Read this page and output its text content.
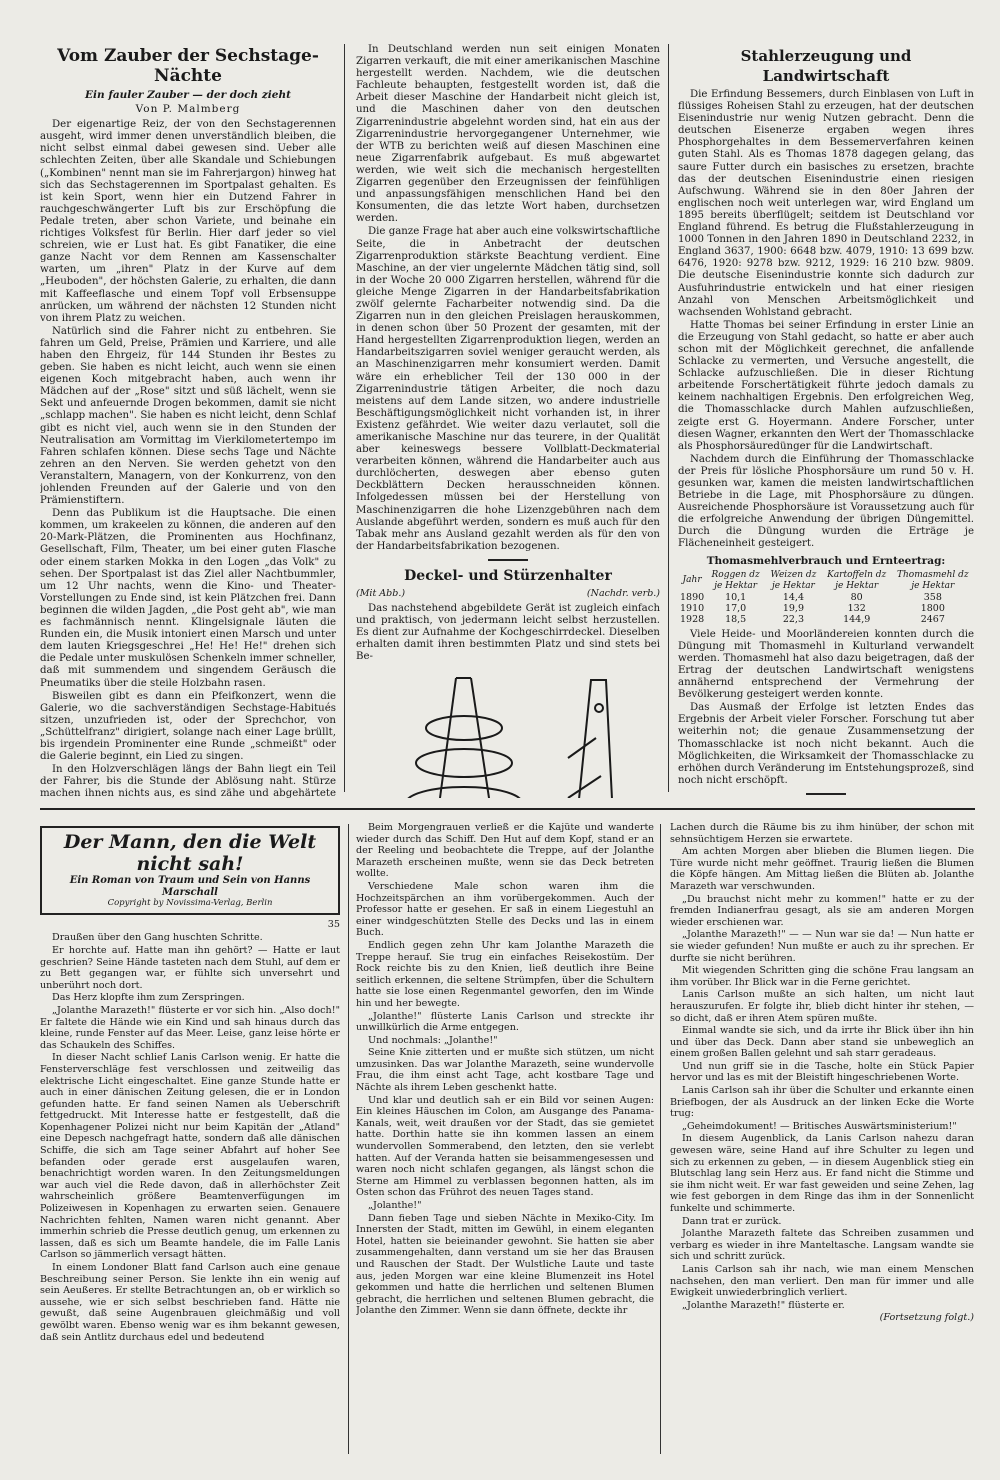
Vom Zauber der Sechstage-Nächte
Ein fauler Zauber — der doch zieht
Von P. Malmberg

Der eigenartige Reiz, der von den Sechstagerennen ausgeht, wird immer denen unverständlich bleiben, die nicht selbst einmal dabei gewesen sind. Ueber alle schlechten Zeiten, über alle Skandale und Schiebungen („Kombinen" nennt man sie im Fahrerjargon) hinweg hat sich das Sechstagerennen im Sportpalast gehalten. Es ist kein Sport, wenn hier ein Dutzend Fahrer in rauchgeschwängerter Luft bis zur Erschöpfung die Pedale treten, aber schon Variete, und beinahe ein richtiges Volksfest für Berlin. Hier darf jeder so viel schreien, wie er Lust hat. Es gibt Fanatiker, die eine ganze Nacht vor dem Rennen am Kassenschalter warten, um „ihren" Platz in der Kurve auf dem „Heuboden", der höchsten Galerie, zu erhalten, die dann mit Kaffeeflasche und einem Topf voll Erbsensuppe anrücken, um während der nächsten 12 Stunden nicht von ihrem Platz zu weichen.

Natürlich sind die Fahrer nicht zu entbehren. Sie fahren um Geld, Preise, Prämien und Karriere, und alle haben den Ehrgeiz, für 144 Stunden ihr Bestes zu geben. Sie haben es nicht leicht, auch wenn sie einen eigenen Koch mitgebracht haben, auch wenn ihr Mädchen auf der „Rose" sitzt und süß lächelt, wenn sie Sekt und anfeuernde Drogen bekommen, damit sie nicht „schlapp machen". Sie haben es nicht leicht, denn Schlaf gibt es nicht viel, auch wenn sie in den Stunden der Neutralisation am Vormittag im Vierkilometertempo im Fahren schlafen können. Diese sechs Tage und Nächte zehren an den Nerven. Sie werden gehetzt von den Veranstaltern, Managern, von der Konkurrenz, von den johlenden Freunden auf der Galerie und von den Prämienstiftern.

Denn das Publikum ist die Hauptsache. Die einen kommen, um krakeelen zu können, die anderen auf den 20-Mark-Plätzen, die Prominenten aus Hochfinanz, Gesellschaft, Film, Theater, um bei einer guten Flasche oder einem starken Mokka in den Logen „das Volk" zu sehen. Der Sportpalast ist das Ziel aller Nachtbummler, um 12 Uhr nachts, wenn die Kino- und Theater-Vorstellungen zu Ende sind, ist kein Plätzchen frei. Dann beginnen die wilden Jagden, „die Post geht ab", wie man es fachmännisch nennt. Klingelsignale läuten die Runden ein, die Musik intoniert einen Marsch und unter dem lauten Kriegsgeschrei „He! He! He!" drehen sich die Pedale unter muskulösen Schenkeln immer schneller, daß mit summendem und singendem Geräusch die Pneumatiks über die steile Holzbahn rasen.

Bisweilen gibt es dann ein Pfeifkonzert, wenn die Galerie, wo die sachverständigen Sechstage-Habitués sitzen, unzufrieden ist, oder der Sprechchor, von „Schüttelfranz" dirigiert, solange nach einer Lage brüllt, bis irgendein Prominenter eine Runde „schmeißt" oder die Galerie beginnt, ein Lied zu singen.

In den Holzverschlägen längs der Bahn liegt ein Teil der Fahrer, bis die Stunde der Ablösung naht. Stürze machen ihnen nichts aus, es sind zähe und abgehärtete

In Deutschland werden nun seit einigen Monaten Zigarren verkauft, die mit einer amerikanischen Maschine hergestellt werden. Nachdem, wie die deutschen Fachleute behaupten, festgestellt worden ist, daß die Arbeit dieser Maschine der Handarbeit nicht gleich ist, und die Maschinen daher von den deutschen Zigarrenindustrie abgelehnt worden sind, hat ein aus der Zigarrenindustrie hervorgegangener Unternehmer, wie der WTB zu berichten weiß auf diesen Maschinen eine neue Zigarrenfabrik aufgebaut. Es muß abgewartet werden, wie weit sich die mechanisch hergestellten Zigarren gegenüber den Erzeugnissen der feinfühligen und anpassungsfähigen menschlichen Hand bei den Konsumenten, die das letzte Wort haben, durchsetzen werden.

Die ganze Frage hat aber auch eine volkswirtschaftliche Seite, die in Anbetracht der deutschen Zigarrenproduktion stärkste Beachtung verdient. Eine Maschine, an der vier ungelernte Mädchen tätig sind, soll in der Woche 20 000 Zigarren herstellen, während für die gleiche Menge Zigarren in der Handarbeitsfabrikation zwölf gelernte Facharbeiter notwendig sind. Da die Zigarren nun in den gleichen Preislagen herauskommen, in denen schon über 50 Prozent der gesamten, mit der Hand hergestellten Zigarrenproduktion liegen, werden an Handarbeitszigarren soviel weniger geraucht werden, als an Maschinenzigarren mehr konsumiert werden. Damit wäre ein erheblicher Teil der 130 000 in der Zigarrenindustrie tätigen Arbeiter, die noch dazu meistens auf dem Lande sitzen, wo andere industrielle Beschäftigungsmöglichkeit nicht vorhanden ist, in ihrer Existenz gefährdet. Wie weiter dazu verlautet, soll die amerikanische Maschine nur das teurere, in der Qualität aber keineswegs bessere Vollblatt-Deckmaterial verarbeiten können, während die Handarbeiter auch aus durchlöcherten, deswegen aber ebenso guten Deckblättern Decken herausschneiden können. Infolgedessen müssen bei der Herstellung von Maschinenzigarren die hohe Lizenzgebühren nach dem Auslande abgeführt werden, sondern es muß auch für den Tabak mehr ans Ausland gezahlt werden als für den von der Handarbeitsfabrikation bezogenen.

Deckel- und Stürzenhalter
(Mit Abb.)	(Nachdr. verb.)

Das nachstehend abgebildete Gerät ist zugleich einfach und praktisch, von jedermann leicht selbst herzustellen. Es dient zur Aufnahme der Kochgeschirrdeckel. Dieselben erhalten damit ihren bestimmten Platz und sind stets bei Be-

Stahlerzeugung und Landwirtschaft

Die Erfindung Bessemers, durch Einblasen von Luft in flüssiges Roheisen Stahl zu erzeugen, hat der deutschen Eisenindustrie nur wenig Nutzen gebracht. Denn die deutschen Eisenerze ergaben wegen ihres Phosphorgehaltes in dem Bessemerverfahren keinen guten Stahl. Als es Thomas 1878 dagegen gelang, das saure Futter durch ein basisches zu ersetzen, brachte das der deutschen Eisenindustrie einen riesigen Aufschwung. Während sie in den 80er Jahren der englischen noch weit unterlegen war, wird England um 1895 bereits überflügelt; seitdem ist Deutschland vor England führend. Es betrug die Flußstahlerzeugung in 1000 Tonnen in den Jahren 1890 in Deutschland 2232, in England 3637, 1900: 6648 bzw. 4079, 1910: 13 699 bzw. 6476, 1920: 9278 bzw. 9212, 1929: 16 210 bzw. 9809. Die deutsche Eisenindustrie konnte sich dadurch zur Ausfuhrindustrie entwickeln und hat einer riesigen Anzahl von Menschen Arbeitsmöglichkeit und wachsenden Wohlstand gebracht.

Hatte Thomas bei seiner Erfindung in erster Linie an die Erzeugung von Stahl gedacht, so hatte er aber auch schon mit der Möglichkeit gerechnet, die anfallende Schlacke zu vermerten, und Versuche angestellt, die Schlacke aufzuschließen. Die in dieser Richtung arbeitende Forschertätigkeit führte jedoch damals zu keinem nachhaltigen Ergebnis. Den erfolgreichen Weg, die Thomasschlacke durch Mahlen aufzuschließen, zeigte erst G. Hoyermann. Andere Forscher, unter diesen Wagner, erkannten den Wert der Thomasschlacke als Phosphorsäuredünger für die Landwirtschaft.

Nachdem durch die Einführung der Thomasschlacke der Preis für lösliche Phosphorsäure um rund 50 v. H. gesunken war, kamen die meisten landwirtschaftlichen Betriebe in die Lage, mit Phosphorsäure zu düngen. Ausreichende Phosphorsäure ist Voraussetzung auch für die erfolgreiche Anwendung der übrigen Düngemittel. Durch die Düngung wurden die Erträge je Flächeneinheit gesteigert.

Thomasmehlverbrauch und Ernteertrag:
Jahr	Roggen dz je Hektar	Weizen dz je Hektar	Kartoffeln dz je Hektar	Thomasmehl dz je Hektar
1890	10,1	14,4	80	358
1910	17,0	19,9	132	1800
1928	18,5	22,3	144,9	2467

Viele Heide- und Moorländereien konnten durch die Düngung mit Thomasmehl in Kulturland verwandelt werden. Thomasmehl hat also dazu beigetragen, daß der Ertrag der deutschen Landwirtschaft wenigstens annähernd entsprechend der Vermehrung der Bevölkerung gesteigert werden konnte.

Das Ausmaß der Erfolge ist letzten Endes das Ergebnis der Arbeit vieler Forscher. Forschung tut aber weiterhin not; die genaue Zusammensetzung der Thomasschlacke ist noch nicht bekannt. Auch die Möglichkeiten, die Wirksamkeit der Thomasschlacke zu erhöhen durch Veränderung im Entstehungsprozeß, sind noch nicht erschöpft.

Der Mann, den die Welt nicht sah!
Ein Roman von Traum und Sein von Hanns Marschall
Copyright by Novissima-Verlag, Berlin
35

Draußen über den Gang huschten Schritte.

Er horchte auf. Hatte man ihn gehört? — Hatte er laut geschrien? Seine Hände tasteten nach dem Stuhl, auf dem er zu Bett gegangen war, er fühlte sich unversehrt und unberührt noch dort.

Das Herz klopfte ihm zum Zerspringen.

„Jolanthe Marazeth!" flüsterte er vor sich hin. „Also doch!" Er faltete die Hände wie ein Kind und sah hinaus durch das kleine, runde Fenster auf das Meer. Leise, ganz leise hörte er das Schaukeln des Schiffes.

In dieser Nacht schlief Lanis Carlson wenig. Er hatte die Fensterverschläge fest verschlossen und zeitweilig das elektrische Licht eingeschaltet. Eine ganze Stunde hatte er auch in einer dänischen Zeitung gelesen, die er in London gefunden hatte. Er fand seinen Namen als Ueberschrift fettgedruckt. Mit Interesse hatte er festgestellt, daß die Kopenhagener Polizei nicht nur beim Kapitän der „Atland" eine Depesch nachgefragt hatte, sondern daß alle dänischen Schiffe, die sich am Tage seiner Abfahrt auf hoher See befanden oder gerade erst ausgelaufen waren, benachrichtigt worden waren. In den Zeitungsmeldungen war auch viel die Rede davon, daß in allerhöchster Zeit wahrscheinlich größere Beamtenverfügungen im Polizeiwesen in Kopenhagen zu erwarten seien. Genauere Nachrichten fehlten, Namen waren nicht genannt. Aber immerhin schrieb die Presse deutlich genug, um erkennen zu lassen, daß es sich um Beamte handele, die im Falle Lanis Carlson so jämmerlich versagt hätten.

In einem Londoner Blatt fand Carlson auch eine genaue Beschreibung seiner Person. Sie lenkte ihn ein wenig auf sein Aeußeres. Er stellte Betrachtungen an, ob er wirklich so aussehe, wie er sich selbst beschrieben fand. Hätte nie gewußt, daß seine Augenbrauen gleichmäßig und voll gewölbt waren. Ebenso wenig war es ihm bekannt gewesen, daß sein Antlitz durchaus edel und bedeutend

Beim Morgengrauen verließ er die Kajüte und wanderte wieder durch das Schiff. Den Hut auf dem Kopf, stand er an der Reeling und beobachtete die Treppe, auf der Jolanthe Marazeth erscheinen mußte, wenn sie das Deck betreten wollte.

Verschiedene Male schon waren ihm die Hochzeitspärchen an ihm vorübergekommen. Auch der Professor hatte er gesehen. Er saß in einem Liegestuhl an einer windgeschützten Stelle des Decks und las in einem Buch.

Endlich gegen zehn Uhr kam Jolanthe Marazeth die Treppe herauf. Sie trug ein einfaches Reisekostüm. Der Rock reichte bis zu den Knien, ließ deutlich ihre Beine seitlich erkennen, die seltene Strümpfen, über die Schultern hatte sie lose einen Regenmantel geworfen, den im Winde hin und her bewegte.

„Jolanthe!" flüsterte Lanis Carlson und streckte ihr unwillkürlich die Arme entgegen.

Und nochmals: „Jolanthe!"

Seine Knie zitterten und er mußte sich stützen, um nicht umzusinken. Das war Jolanthe Marazeth, seine wundervolle Frau, die ihm einst acht Tage, acht kostbare Tage und Nächte als ihrem Leben geschenkt hatte.

Und klar und deutlich sah er ein Bild vor seinen Augen: Ein kleines Häuschen im Colon, am Ausgange des Panama-Kanals, weit, weit draußen vor der Stadt, das sie gemietet hatte. Dorthin hatte sie ihn kommen lassen an einem wundervollen Sommerabend, den letzten, den sie verlebt hatten. Auf der Veranda hatten sie beisammengesessen und waren noch nicht schlafen gegangen, als längst schon die Sterne am Himmel zu verblassen begonnen hatten, als im Osten schon das Frührot des neuen Tages stand.

„Jolanthe!"

Dann fieben Tage und sieben Nächte in Mexiko-City. Im Innersten der Stadt, mitten im Gewühl, in einem eleganten Hotel, hatten sie beieinander gewohnt. Sie hatten sie aber zusammengehalten, dann verstand um sie her das Brausen und Rauschen der Stadt. Der Wulstliche Laute und taste aus, jeden Morgen war eine kleine Blumenzeit ins Hotel gekommen und hatte die herrlichen und seltenen Blumen gebracht, die herrlichen und seltenen Blumen gebracht, die Jolanthe den Zimmer. Wenn sie dann öffnete, deckte ihr

Lachen durch die Räume bis zu ihm hinüber, der schon mit sehnsüchtigem Herzen sie erwartete.

Am achten Morgen aber blieben die Blumen liegen. Die Türe wurde nicht mehr geöffnet. Traurig ließen die Blumen die Köpfe hängen. Am Mittag ließen die Blüten ab. Jolanthe Marazeth war verschwunden.

„Du brauchst nicht mehr zu kommen!" hatte er zu der fremden Indianerfrau gesagt, als sie am anderen Morgen wieder erschienen war.

„Jolanthe Marazeth!" — — Nun war sie da! — Nun hatte er sie wieder gefunden! Nun mußte er auch zu ihr sprechen. Er durfte sie nicht berühren.

Mit wiegenden Schritten ging die schöne Frau langsam an ihm vorüber. Ihr Blick war in die Ferne gerichtet.

Lanis Carlson mußte an sich halten, um nicht laut herauszurufen. Er folgte ihr, blieb dicht hinter ihr stehen, — so dicht, daß er ihren Atem spüren mußte.

Einmal wandte sie sich, und da irrte ihr Blick über ihn hin und über das Deck. Dann aber stand sie unbeweglich an einem großen Ballen gelehnt und sah starr geradeaus.

Und nun griff sie in die Tasche, holte ein Stück Papier hervor und las es mit der Bleistift hingeschriebenen Worte.

Lanis Carlson sah ihr über die Schulter und erkannte einen Briefbogen, der als Ausdruck an der linken Ecke die Worte trug:

„Geheimdokument! — Britisches Auswärtsministerium!"

In diesem Augenblick, da Lanis Carlson nahezu daran gewesen wäre, seine Hand auf ihre Schulter zu legen und sich zu erkennen zu geben, — in diesem Augenblick stieg ein Blutschlag lang sein Herz aus. Er fand nicht die Stimme und sie ihm nicht weit. Er war fast geweiden und seine Zehen, lag wie fest geborgen in dem Ringe das ihm in der Sonnenlicht funkelte und schimmerte.

Dann trat er zurück.

Jolanthe Marazeth faltete das Schreiben zusammen und verbarg es wieder in ihre Manteltasche. Langsam wandte sie sich und schritt zurück.

Lanis Carlson sah ihr nach, wie man einem Menschen nachsehen, den man verliert. Den man für immer und alle Ewigkeit unwiederbringlich verliert.

„Jolanthe Marazeth!" flüsterte er.

(Fortsetzung folgt.)
